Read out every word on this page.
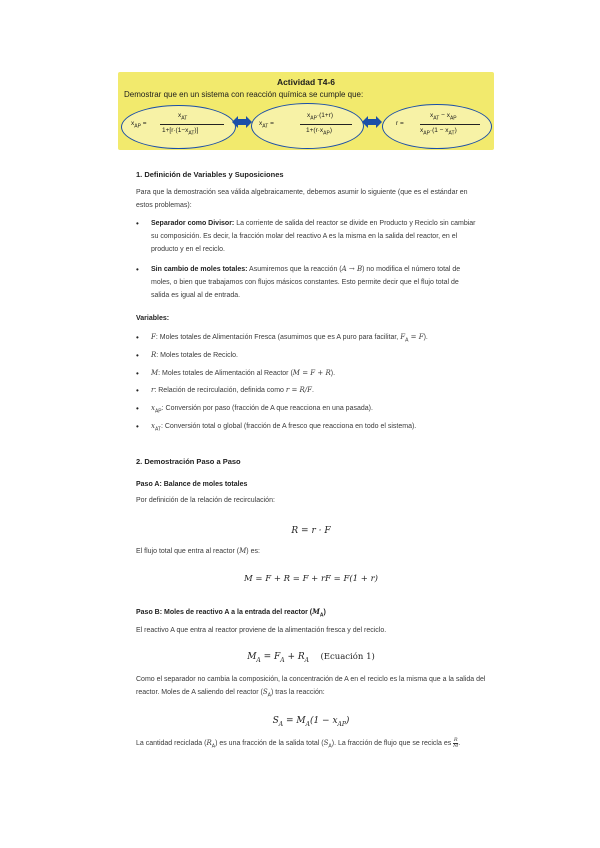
Actividad T4-6
Demostrar que en un sistema con reacción química se cumple que:
$x_{AP}$ =
$x_{AT}$
$1+[r\cdot(1-x_{AT})]$
$x_{AT}$ =
$x_{AP}\cdot(1+r)$
$1+(r\cdot x_{AP})$
r =
$x_{AT} - x_{AP}$
$x_{AP}\cdot(1 - x_{AT})$
1. Definición de Variables y Suposiciones
Para que la demostración sea válida algebraicamente, debemos asumir lo siguiente (que es el estándar en estos problemas):
• Separador como Divisor: La corriente de salida del reactor se divide en Producto y Reciclo sin cambiar su composición. Es decir, la fracción molar del reactivo A es la misma en la salida del reactor, en el producto y en el reciclo.
• Sin cambio de moles totales: Asumiremos que la reacción (A → B) no modifica el número total de moles, o bien que trabajamos con flujos másicos constantes. Esto permite decir que el flujo total de salida es igual al de entrada.
Variables:
• F: Moles totales de Alimentación Fresca (asumimos que es A puro para facilitar, $F_A = F$).
• R: Moles totales de Reciclo.
• M: Moles totales de Alimentación al Reactor (M = F + R).
• r: Relación de recirculación, definida como r = R/F.
• $x_{AP}$: Conversión por paso (fracción de A que reacciona en una pasada).
• $x_{AT}$: Conversión total o global (fracción de A fresco que reacciona en todo el sistema).
2. Demostración Paso a Paso
Paso A: Balance de moles totales
Por definición de la relación de recirculación:
R = r · F
El flujo total que entra al reactor (M) es:
M = F + R = F + rF = F(1 + r)
Paso B: Moles de reactivo A a la entrada del reactor $(M_A)$
El reactivo A que entra al reactor proviene de la alimentación fresca y del reciclo.
$M_A = F_A + R_A$ (Ecuación 1)
Como el separador no cambia la composición, la concentración de A en el reciclo es la misma que a la salida del reactor. Moles de A saliendo del reactor $(S_A)$ tras la reacción:
$S_A = M_A(1 - x_{AP})$
La cantidad reciclada $(R_A)$ es una fracción de la salida total $(S_A)$. La fracción de flujo que se recicla es $\frac{R}{M}$.
